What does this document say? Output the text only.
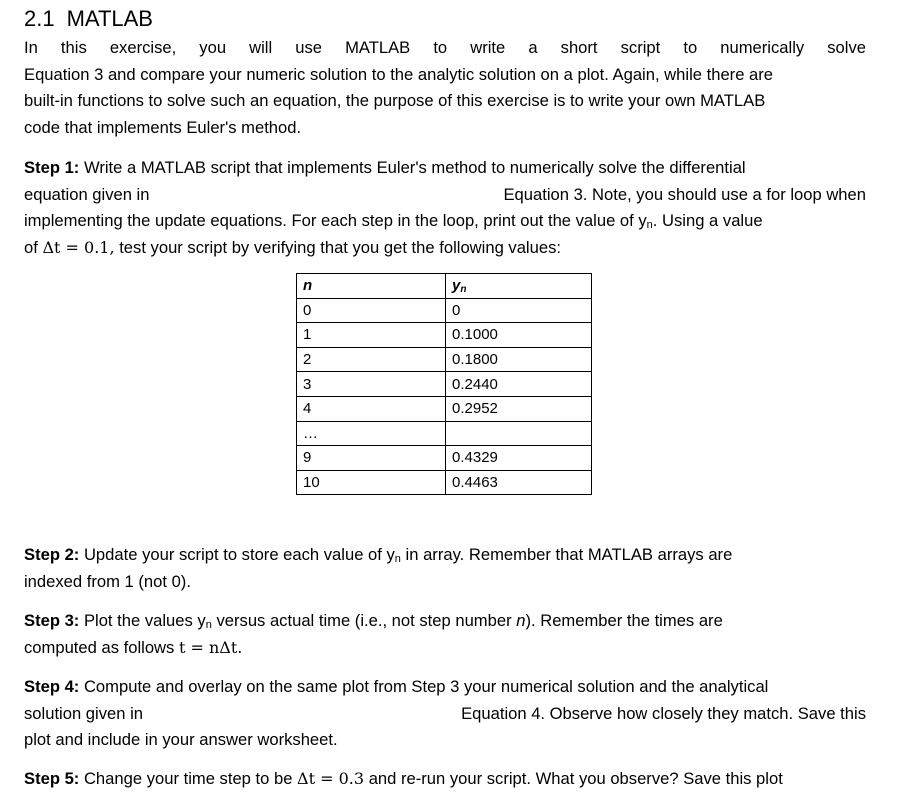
2.1 MATLAB
In this exercise, you will use MATLAB to write a short script to numerically solve
Equation 3 and compare your numeric solution to the analytic solution on a plot. Again, while there are
built-in functions to solve such an equation, the purpose of this exercise is to write your own MATLAB
code that implements Euler's method.
Step 1: Write a MATLAB script that implements Euler's method to numerically solve the differential
equation given in	Equation 3. Note, you should use a for loop when
implementing the update equations. For each step in the loop, print out the value of $y_n$. Using a value
of Δt = 0.1, test your script by verifying that you get the following values:
n	$y_n$
0	0
1	0.1000
2	0.1800
3	0.2440
4	0.2952
…	
9	0.4329
10	0.4463
Step 2: Update your script to store each value of $y_n$ in array. Remember that MATLAB arrays are
indexed from 1 (not 0).
Step 3: Plot the values $y_n$ versus actual time (i.e., not step number n). Remember the times are
computed as follows t = nΔt.
Step 4: Compute and overlay on the same plot from Step 3 your numerical solution and the analytical
solution given in	Equation 4. Observe how closely they match. Save this
plot and include in your answer worksheet.
Step 5: Change your time step to be Δt = 0.3 and re-run your script. What you observe? Save this plot
